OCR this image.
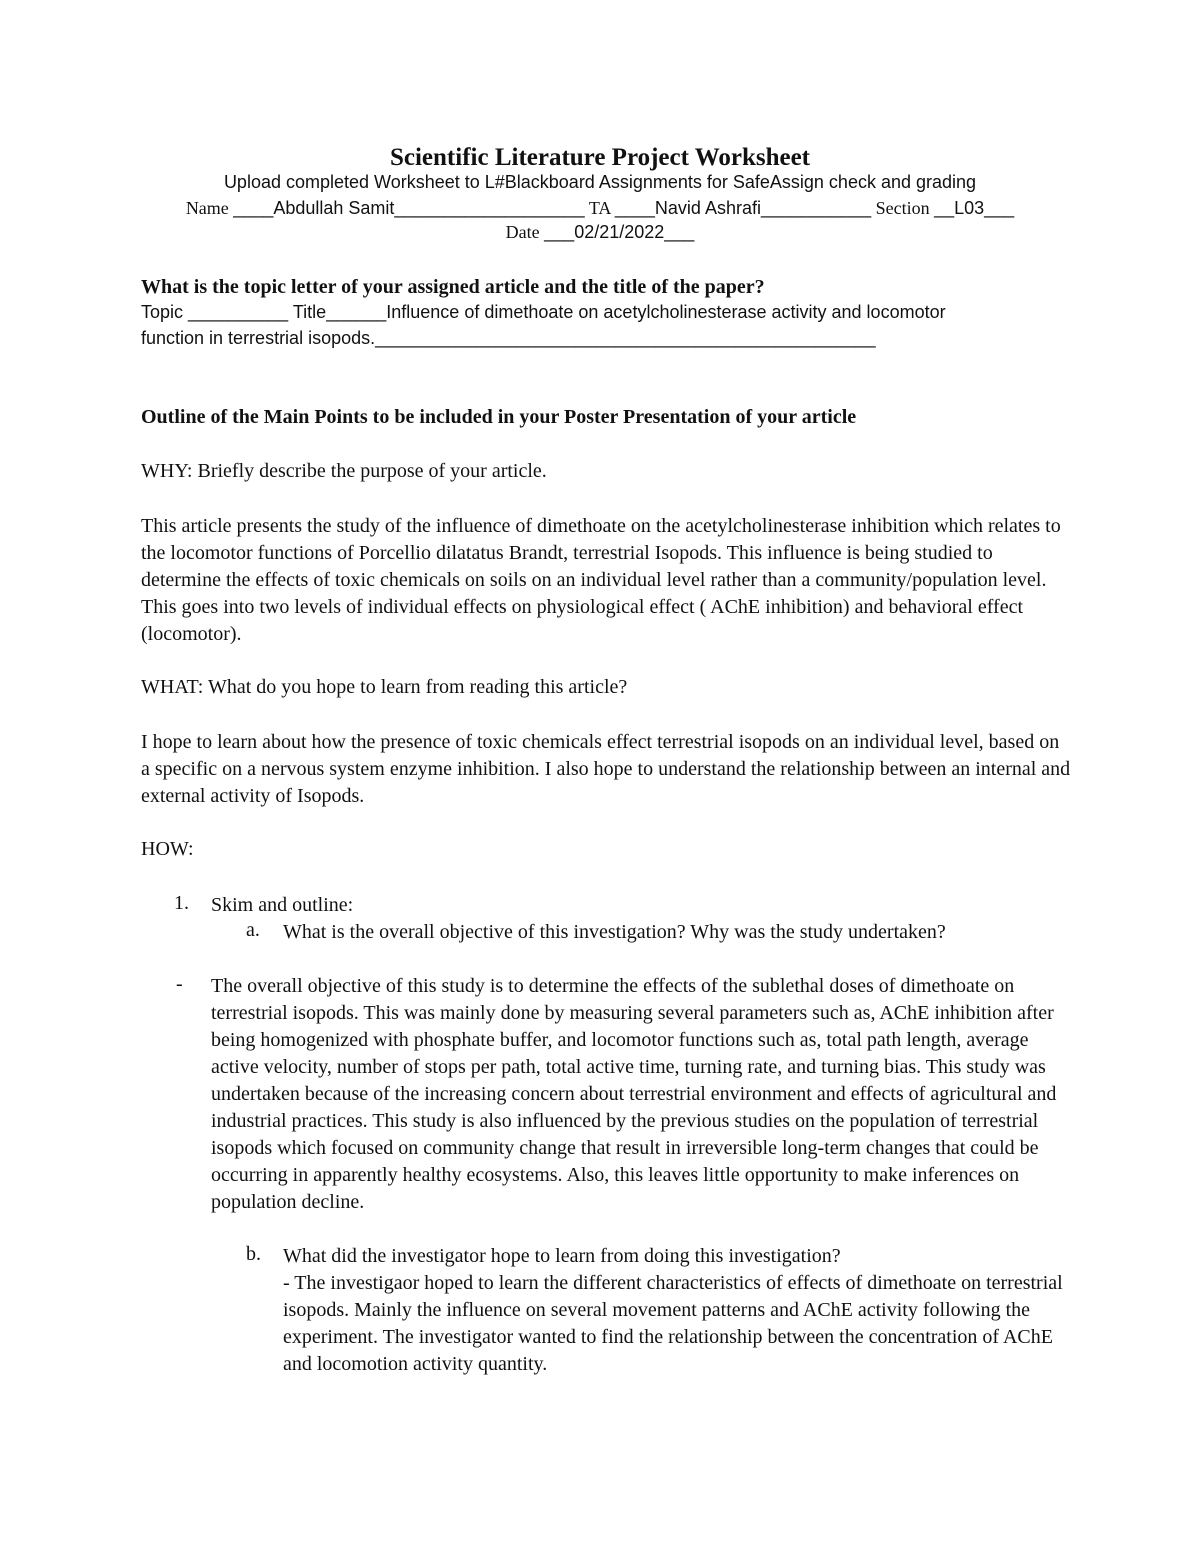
Scientific Literature Project Worksheet
Upload completed Worksheet to L#Blackboard Assignments for SafeAssign check and grading
Name ____Abdullah Samit___________________ TA ____Navid Ashrafi___________ Section __L03___
Date ___02/21/2022___
What is the topic letter of your assigned article and the title of the paper?
Topic __________ Title______Influence of dimethoate on acetylcholinesterase activity and locomotor
function in terrestrial isopods.__________________________________________________
Outline of the Main Points to be included in your Poster Presentation of your article
WHY: Briefly describe the purpose of your article.
This article presents the study of the influence of dimethoate on the acetylcholinesterase inhibition which relates to the locomotor functions of Porcellio dilatatus Brandt, terrestrial Isopods. This influence is being studied to determine the effects of toxic chemicals on soils on an individual level rather than a community/population level. This goes into two levels of individual effects on physiological effect ( AChE inhibition) and behavioral effect (locomotor).
WHAT: What do you hope to learn from reading this article?
I hope to learn about how the presence of toxic chemicals effect terrestrial isopods on an individual level, based on a specific on a nervous system enzyme inhibition. I also hope to understand the relationship between an internal and external activity of Isopods.
HOW:
1. Skim and outline:
a. What is the overall objective of this investigation? Why was the study undertaken?
- The overall objective of this study is to determine the effects of the sublethal doses of dimethoate on terrestrial isopods. This was mainly done by measuring several parameters such as, AChE inhibition after being homogenized with phosphate buffer, and locomotor functions such as, total path length, average active velocity, number of stops per path, total active time, turning rate, and turning bias. This study was undertaken because of the increasing concern about terrestrial environment and effects of agricultural and industrial practices. This study is also influenced by the previous studies on the population of terrestrial isopods which focused on community change that result in irreversible long-term changes that could be occurring in apparently healthy ecosystems. Also, this leaves little opportunity to make inferences on population decline.
b. What did the investigator hope to learn from doing this investigation?
- The investigaor hoped to learn the different characteristics of effects of dimethoate on terrestrial isopods. Mainly the influence on several movement patterns and AChE activity following the experiment. The investigator wanted to find the relationship between the concentration of AChE and locomotion activity quantity.
